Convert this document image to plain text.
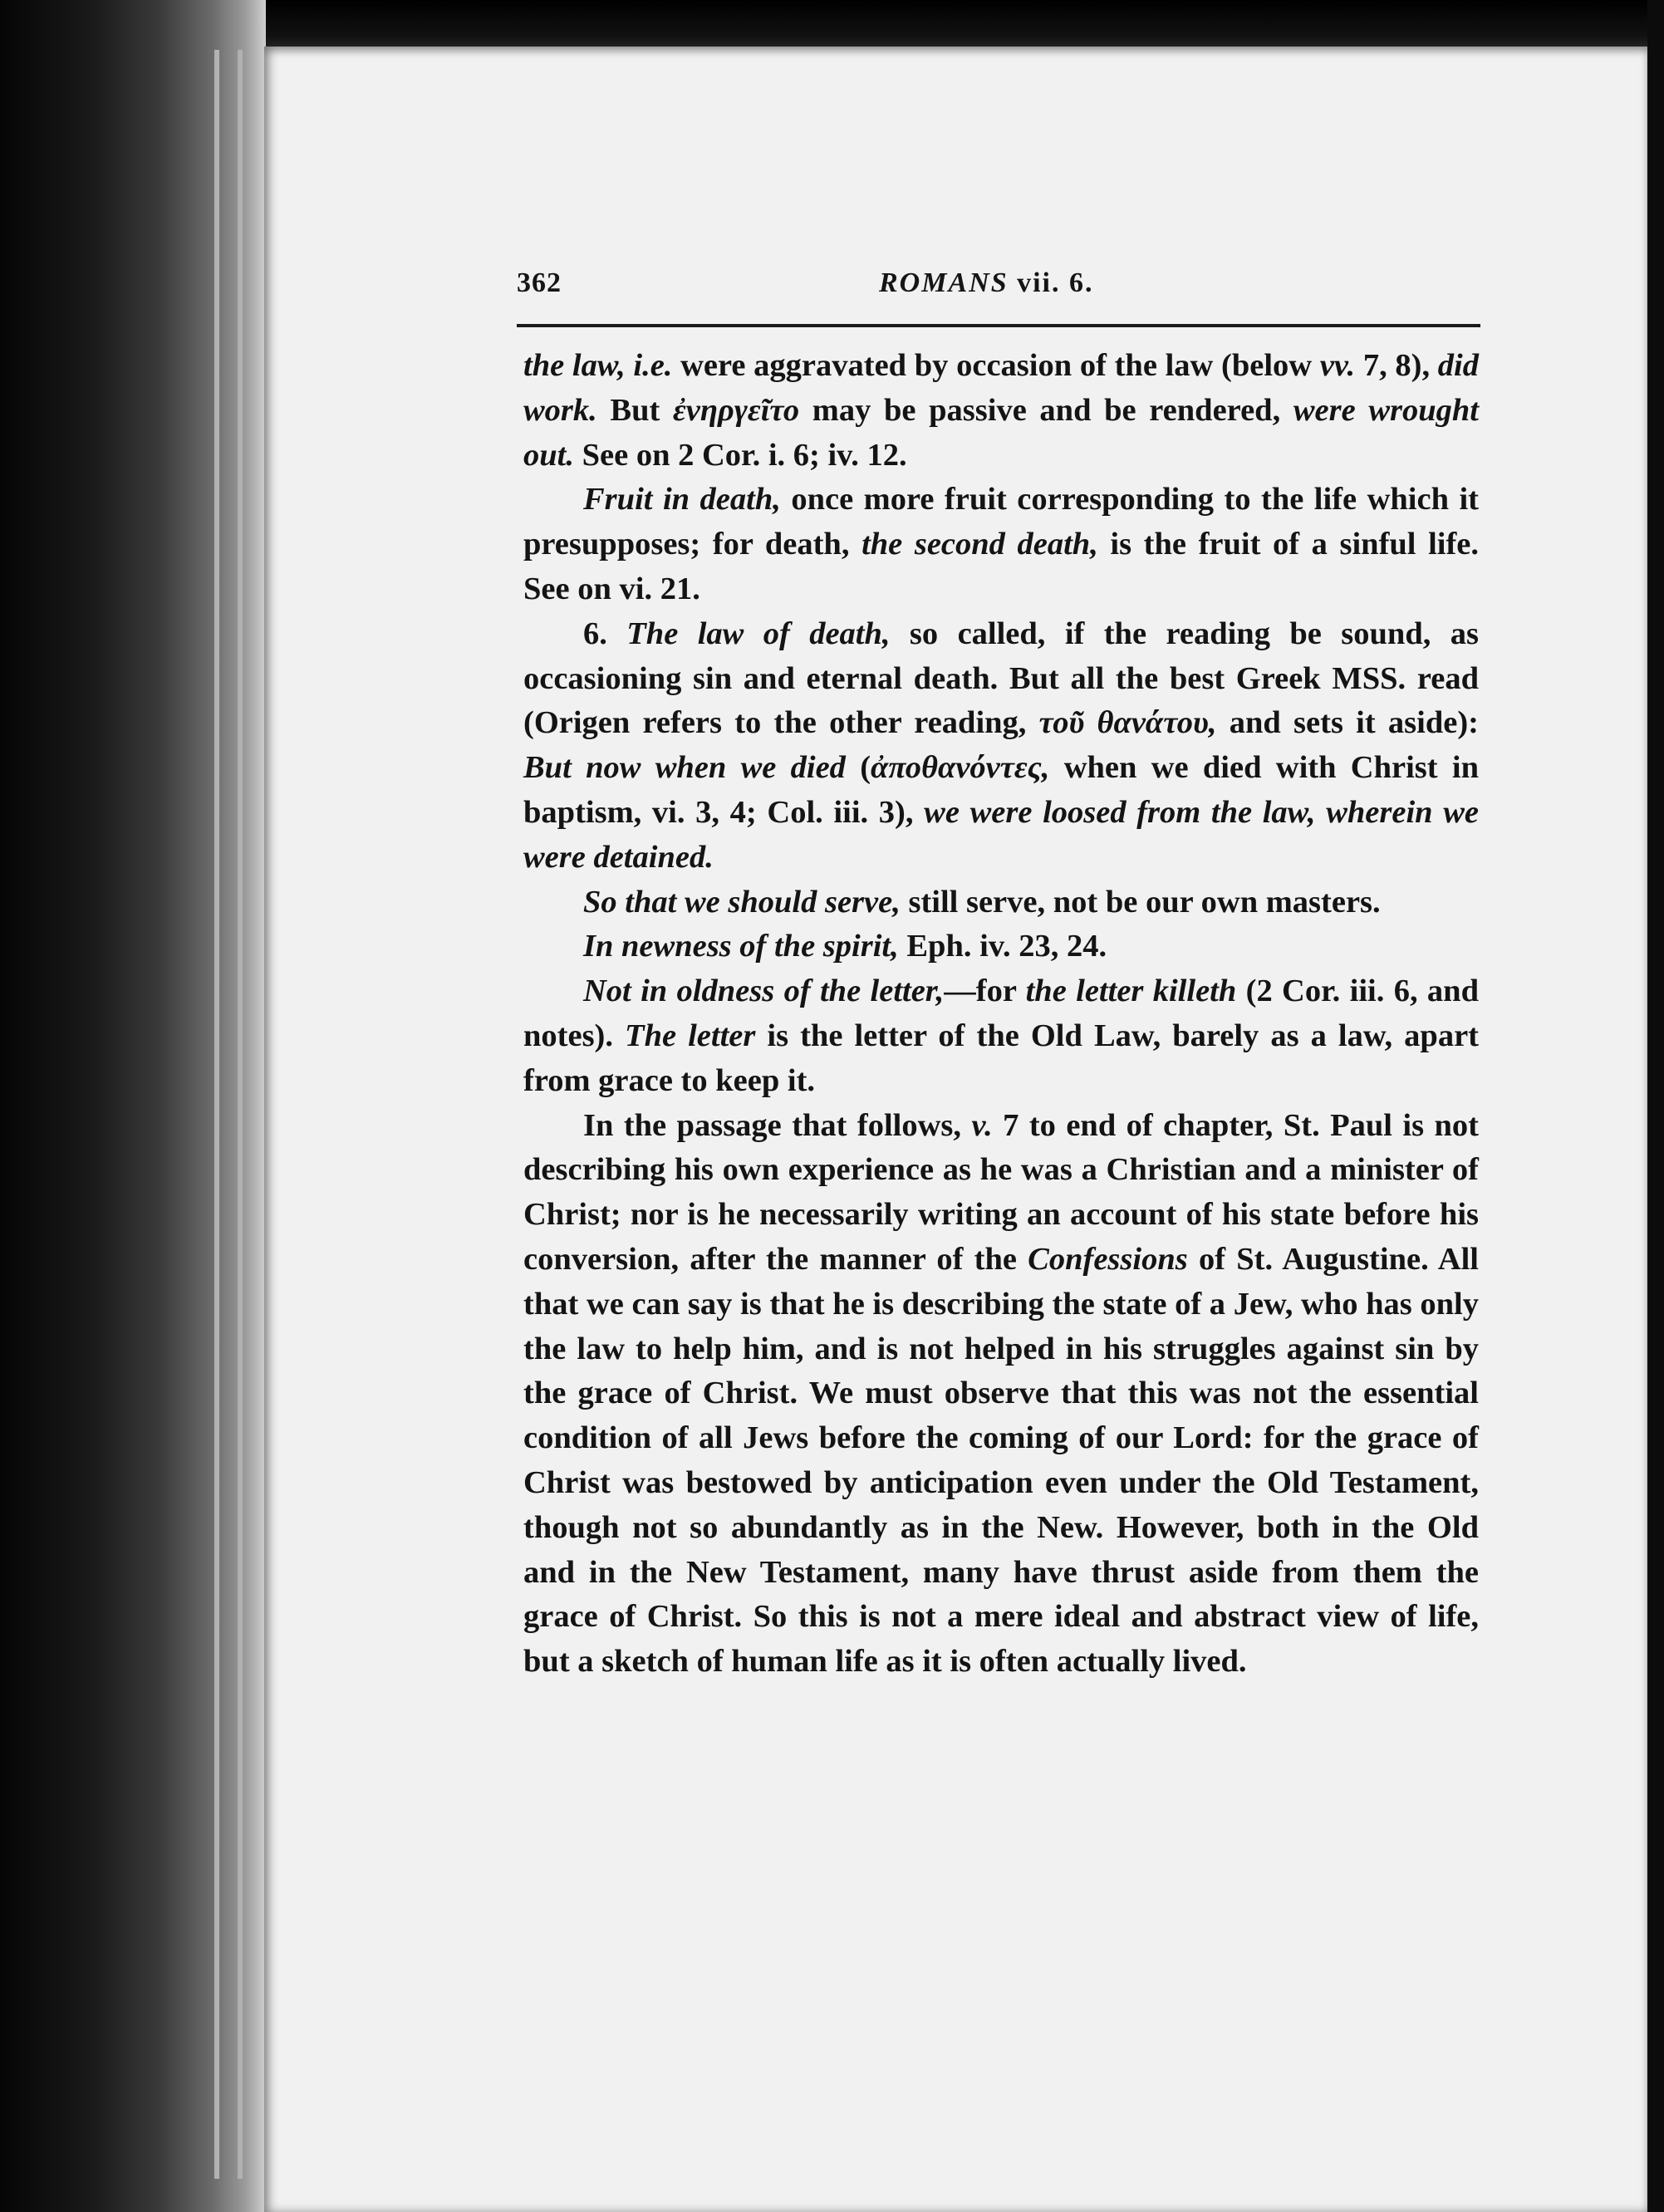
362	ROMANS vii. 6.

the law, i.e. were aggravated by occasion of the law (below vv. 7, 8), did work. But ἐνηργεῖτο may be passive and be rendered, were wrought out. See on 2 Cor. i. 6; iv. 12.

Fruit in death, once more fruit corresponding to the life which it presupposes; for death, the second death, is the fruit of a sinful life. See on vi. 21.

6. The law of death, so called, if the reading be sound, as occasioning sin and eternal death. But all the best Greek MSS. read (Origen refers to the other reading, τοῦ θανάτου, and sets it aside): But now when we died (ἀποθανόντες, when we died with Christ in baptism, vi. 3, 4; Col. iii. 3), we were loosed from the law, wherein we were detained.

So that we should serve, still serve, not be our own masters.

In newness of the spirit, Eph. iv. 23, 24.

Not in oldness of the letter,—for the letter killeth (2 Cor. iii. 6, and notes). The letter is the letter of the Old Law, barely as a law, apart from grace to keep it.

In the passage that follows, v. 7 to end of chapter, St. Paul is not describing his own experience as he was a Christian and a minister of Christ; nor is he necessarily writing an account of his state before his conversion, after the manner of the Confessions of St. Augustine. All that we can say is that he is describing the state of a Jew, who has only the law to help him, and is not helped in his struggles against sin by the grace of Christ. We must observe that this was not the essential condition of all Jews before the coming of our Lord: for the grace of Christ was bestowed by anticipation even under the Old Testament, though not so abundantly as in the New. However, both in the Old and in the New Testament, many have thrust aside from them the grace of Christ. So this is not a mere ideal and abstract view of life, but a sketch of human life as it is often actually lived.
